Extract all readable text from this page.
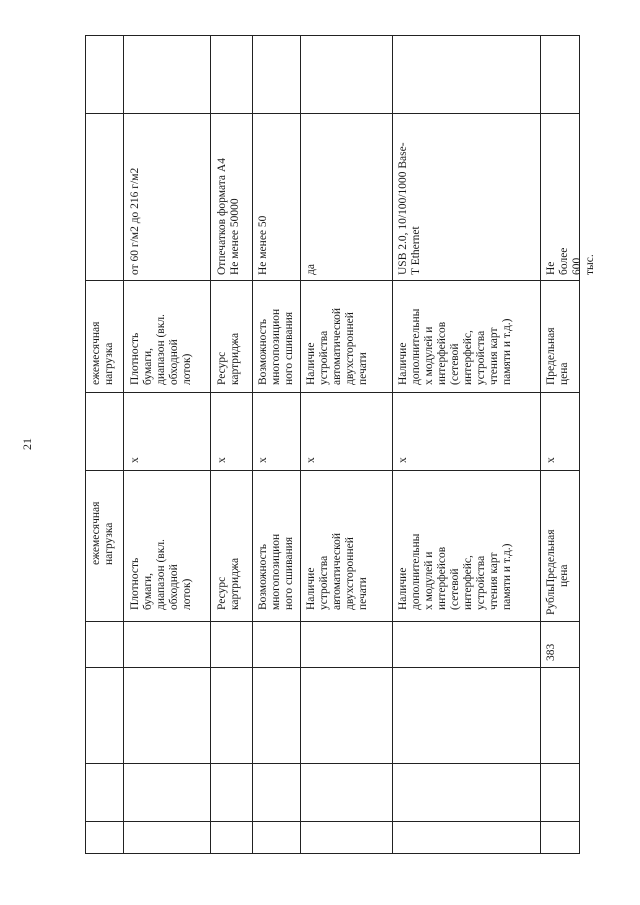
21
ежемесячная
нагрузка
ежемесячная
нагрузка
Плотность
бумаги,
диапазон (вкл.
обходной
лоток)
x
Плотность
бумаги,
диапазон (вкл.
обходной
лоток)
от 60 г/м2 до 216 г/м2
Ресурс
картриджа
x
Ресурс
картриджа
Отпечатков формата А4
Не менее 50000
Возможность
многопозицион
ного сшивания
x
Возможность
многопозицион
ного сшивания
Не менее 50
Наличие
устройства
автоматической
двухсторонней
печати
x
Наличие
устройства
автоматической
двухсторонней
печати
да
Наличие
дополнительны
х модулей и
интерфейсов
(сетевой
интерфейс,
устройства
чтения карт
памяти и т.д.)
x
Наличие
дополнительны
х модулей и
интерфейсов
(сетевой
интерфейс,
устройства
чтения карт
памяти и т.д.)
USB 2.0, 10/100/1000 Base-
T Ethernet
383
Рубль
Предельная
цена
x
Предельная
цена
Не более 600 тыс.
